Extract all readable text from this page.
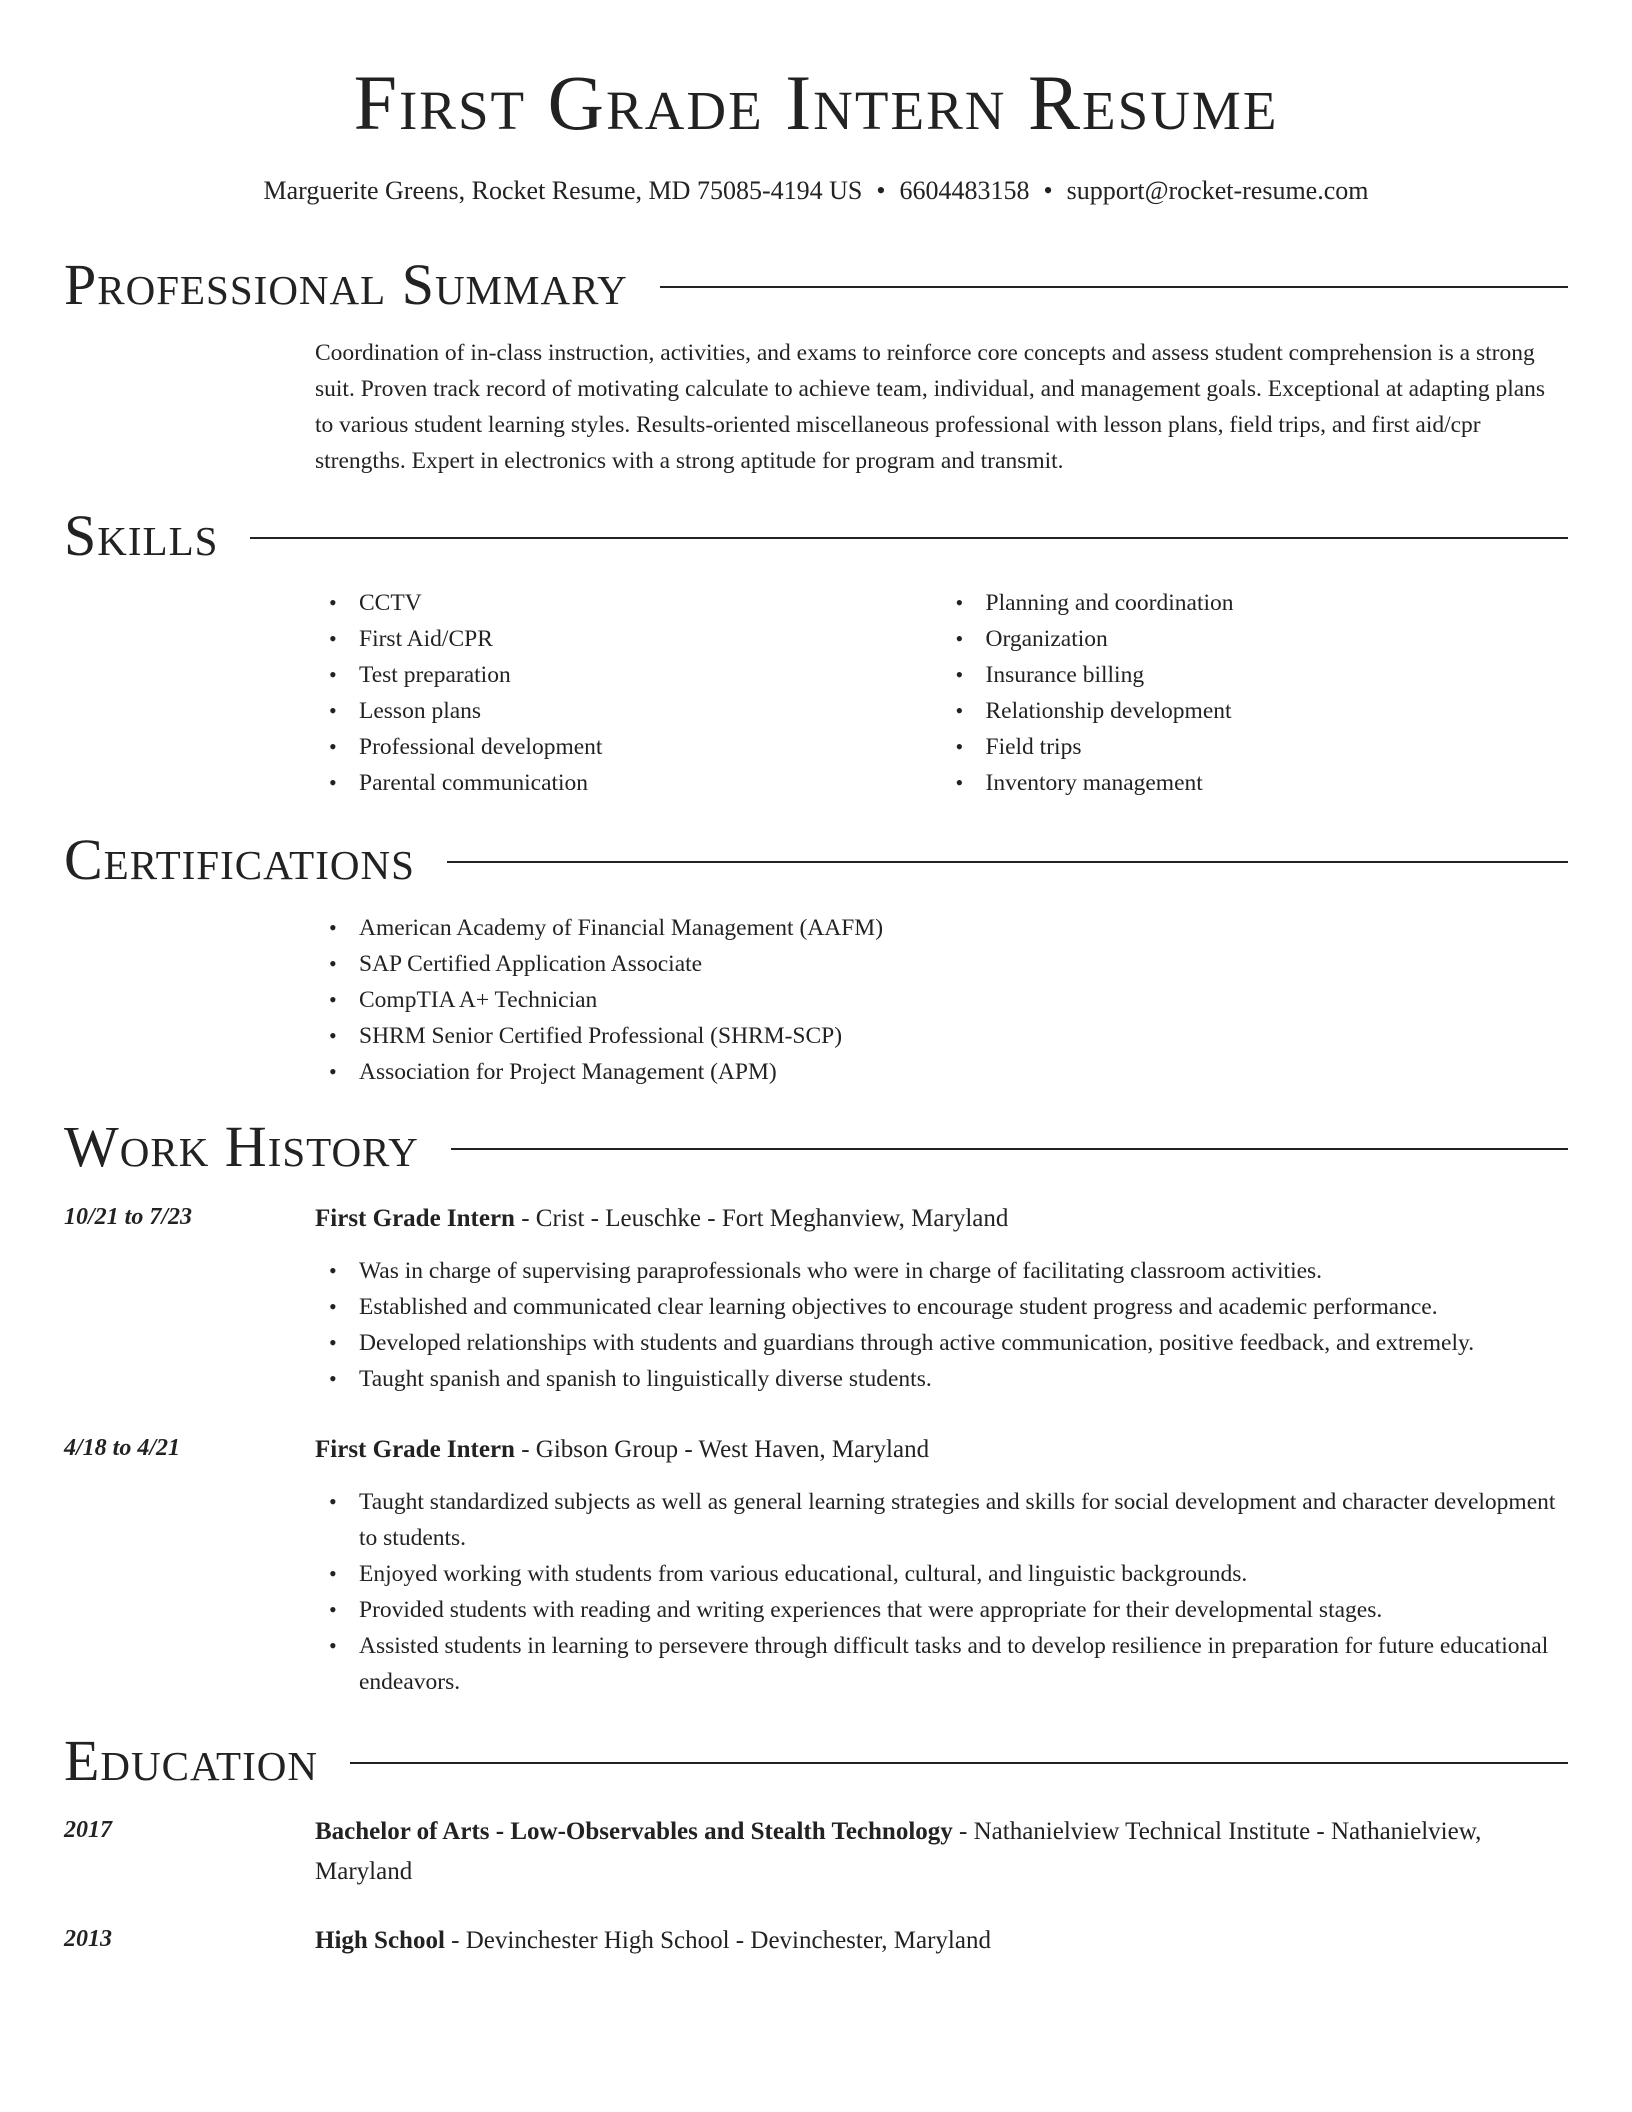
First Grade Intern Resume
Marguerite Greens, Rocket Resume, MD 75085-4194 US • 6604483158 • support@rocket-resume.com
Professional Summary
Coordination of in-class instruction, activities, and exams to reinforce core concepts and assess student comprehension is a strong suit. Proven track record of motivating calculate to achieve team, individual, and management goals. Exceptional at adapting plans to various student learning styles. Results-oriented miscellaneous professional with lesson plans, field trips, and first aid/cpr strengths. Expert in electronics with a strong aptitude for program and transmit.
Skills
• CCTV
• First Aid/CPR
• Test preparation
• Lesson plans
• Professional development
• Parental communication
• Planning and coordination
• Organization
• Insurance billing
• Relationship development
• Field trips
• Inventory management
Certifications
• American Academy of Financial Management (AAFM)
• SAP Certified Application Associate
• CompTIA A+ Technician
• SHRM Senior Certified Professional (SHRM-SCP)
• Association for Project Management (APM)
Work History
10/21 to 7/23	First Grade Intern - Crist - Leuschke - Fort Meghanview, Maryland
• Was in charge of supervising paraprofessionals who were in charge of facilitating classroom activities.
• Established and communicated clear learning objectives to encourage student progress and academic performance.
• Developed relationships with students and guardians through active communication, positive feedback, and extremely.
• Taught spanish and spanish to linguistically diverse students.
4/18 to 4/21	First Grade Intern - Gibson Group - West Haven, Maryland
• Taught standardized subjects as well as general learning strategies and skills for social development and character development to students.
• Enjoyed working with students from various educational, cultural, and linguistic backgrounds.
• Provided students with reading and writing experiences that were appropriate for their developmental stages.
• Assisted students in learning to persevere through difficult tasks and to develop resilience in preparation for future educational endeavors.
Education
2017	Bachelor of Arts - Low-Observables and Stealth Technology - Nathanielview Technical Institute - Nathanielview, Maryland
2013	High School - Devinchester High School - Devinchester, Maryland
